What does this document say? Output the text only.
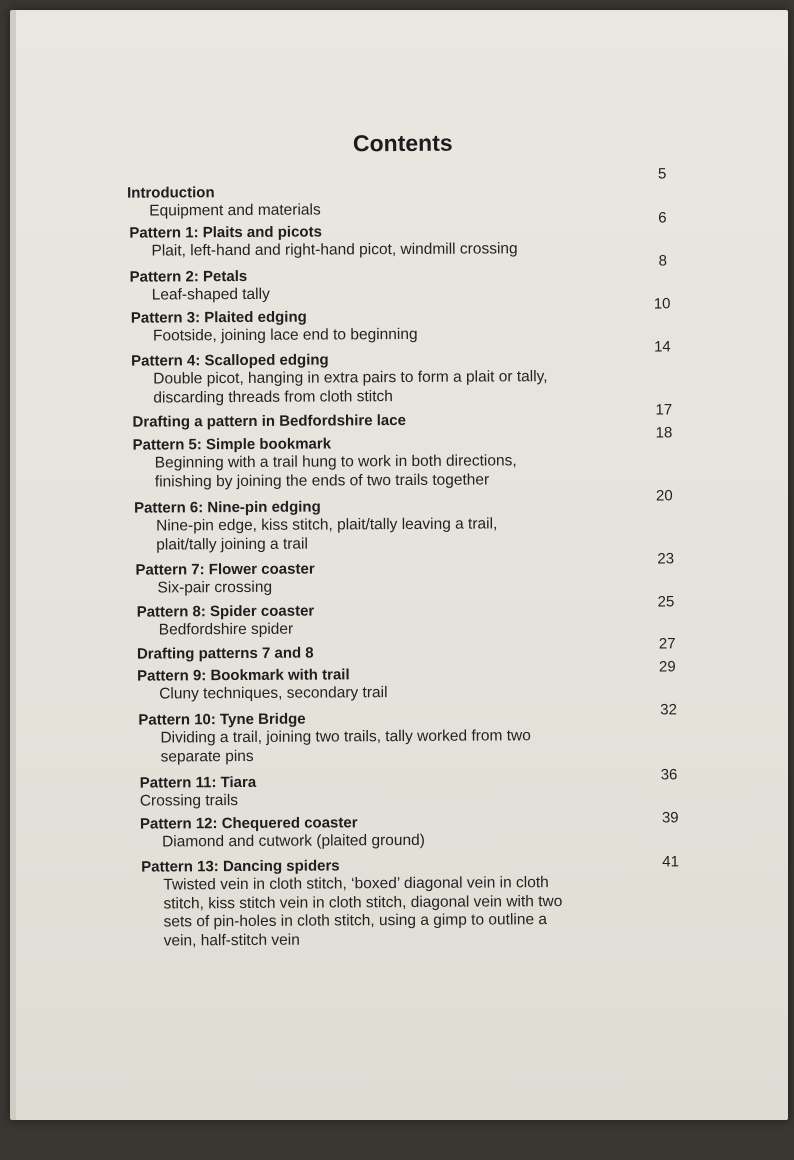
Contents
Introduction
Equipment and materials
5
Pattern 1: Plaits and picots
Plait, left-hand and right-hand picot, windmill crossing
6
Pattern 2: Petals
Leaf-shaped tally
8
Pattern 3: Plaited edging
Footside, joining lace end to beginning
10
Pattern 4: Scalloped edging
Double picot, hanging in extra pairs to form a plait or tally,
discarding threads from cloth stitch
14
Drafting a pattern in Bedfordshire lace
17
Pattern 5: Simple bookmark
Beginning with a trail hung to work in both directions,
finishing by joining the ends of two trails together
18
Pattern 6: Nine-pin edging
Nine-pin edge, kiss stitch, plait/tally leaving a trail,
plait/tally joining a trail
20
Pattern 7: Flower coaster
Six-pair crossing
23
Pattern 8: Spider coaster
Bedfordshire spider
25
Drafting patterns 7 and 8
27
Pattern 9: Bookmark with trail
Cluny techniques, secondary trail
29
Pattern 10: Tyne Bridge
Dividing a trail, joining two trails, tally worked from two
separate pins
32
Pattern 11: Tiara
Crossing trails
36
Pattern 12: Chequered coaster
Diamond and cutwork (plaited ground)
39
Pattern 13: Dancing spiders
Twisted vein in cloth stitch, ‘boxed’ diagonal vein in cloth
stitch, kiss stitch vein in cloth stitch, diagonal vein with two
sets of pin-holes in cloth stitch, using a gimp to outline a
vein, half-stitch vein
41
